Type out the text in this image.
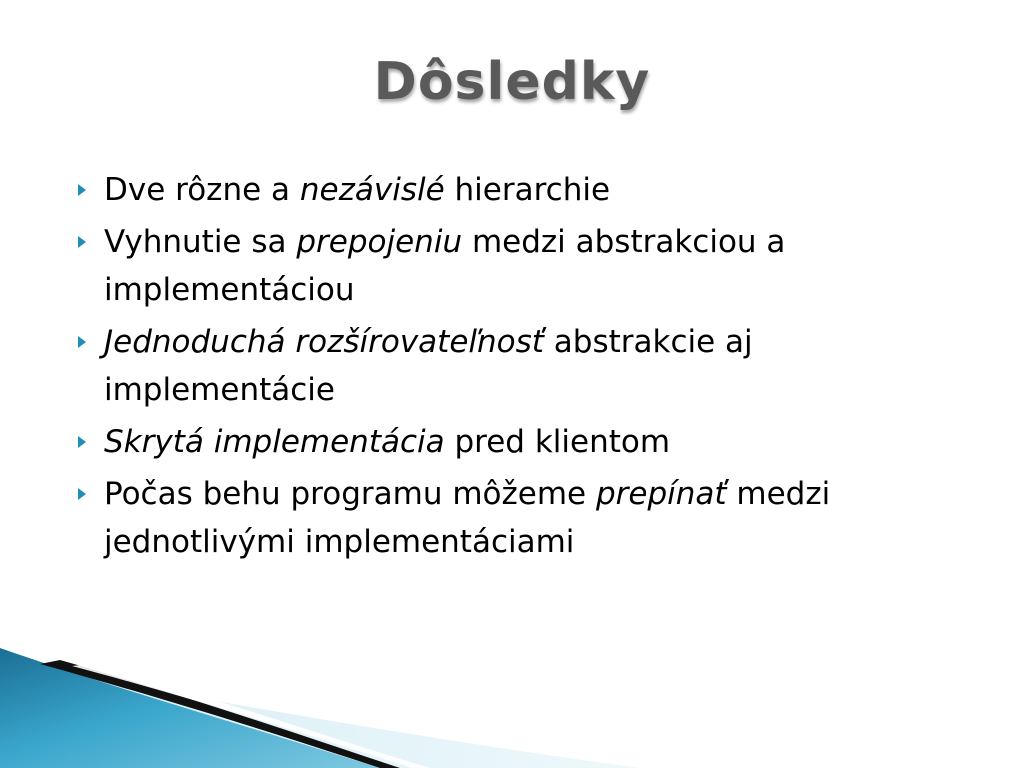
Dôsledky
Dve rôzne a nezávislé hierarchie
Vyhnutie sa prepojeniu medzi abstrakciou a implementáciou
Jednoduchá rozšírovateľnosť abstrakcie aj implementácie
Skrytá implementácia pred klientom
Počas behu programu môžeme prepínať medzi jednotlivými implementáciami
